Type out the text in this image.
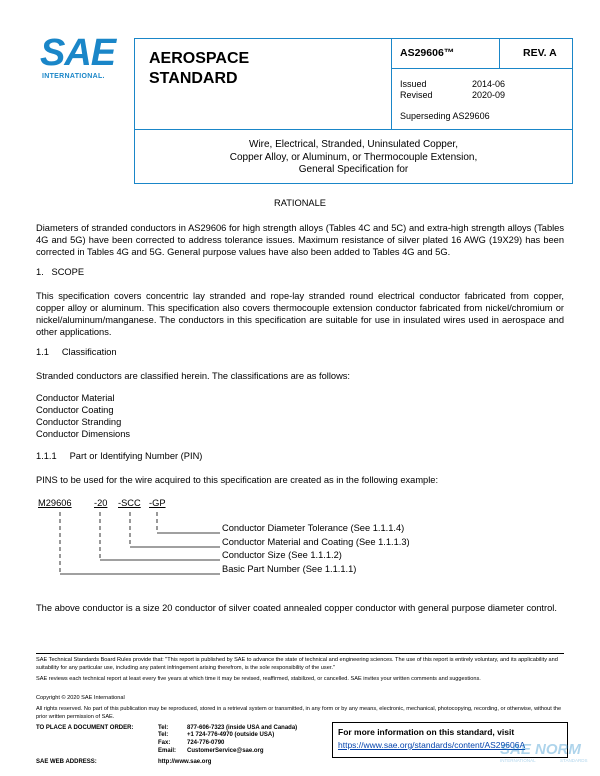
SAE
INTERNATIONAL.
AEROSPACE
STANDARD
AS29606™	REV. A
Issued	2014-06
Revised	2020-09
Superseding AS29606
Wire, Electrical, Stranded, Uninsulated Copper,
Copper Alloy, or Aluminum, or Thermocouple Extension,
General Specification for
RATIONALE
Diameters of stranded conductors in AS29606 for high strength alloys (Tables 4C and 5C) and extra-high strength alloys (Tables 4G and 5G) have been corrected to address tolerance issues. Maximum resistance of silver plated 16 AWG (19X29) has been corrected in Tables 4G and 5G. General purpose values have also been added to Tables 4G and 5G.
1.   SCOPE
This specification covers concentric lay stranded and rope-lay stranded round electrical conductor fabricated from copper, copper alloy or aluminum. This specification also covers thermocouple extension conductor fabricated from nickel/chromium or nickel/aluminum/manganese. The conductors in this specification are suitable for use in insulated wires used in aerospace and other applications.
1.1     Classification
Stranded conductors are classified herein. The classifications are as follows:
Conductor Material
Conductor Coating
Conductor Stranding
Conductor Dimensions
1.1.1     Part or Identifying Number (PIN)
PINS to be used for the wire acquired to this specification are created as in the following example:
M29606 -20 -SCC -GP
Conductor Diameter Tolerance (See 1.1.1.4)
Conductor Material and Coating (See 1.1.1.3)
Conductor Size (See 1.1.1.2)
Basic Part Number (See 1.1.1.1)
The above conductor is a size 20 conductor of silver coated annealed copper conductor with general purpose diameter control.
SAE Technical Standards Board Rules provide that: "This report is published by SAE to advance the state of technical and engineering sciences. The use of this report is entirely voluntary, and its applicability and suitability for any particular use, including any patent infringement arising therefrom, is the sole responsibility of the user."
SAE reviews each technical report at least every five years at which time it may be revised, reaffirmed, stabilized, or cancelled. SAE invites your written comments and suggestions.
Copyright © 2020 SAE International
All rights reserved. No part of this publication may be reproduced, stored in a retrieval system or transmitted, in any form or by any means, electronic, mechanical, photocopying, recording, or otherwise, without the prior written permission of SAE.
TO PLACE A DOCUMENT ORDER:	Tel:	877-606-7323 (inside USA and Canada)
Tel:	+1 724-776-4970 (outside USA)
Fax:	724-776-0790
Email: CustomerService@sae.org
SAE WEB ADDRESS:	http://www.sae.org
For more information on this standard, visit
https://www.sae.org/standards/content/AS29606A
SAE NORM
INTERNATIONAL	STANDARDS
